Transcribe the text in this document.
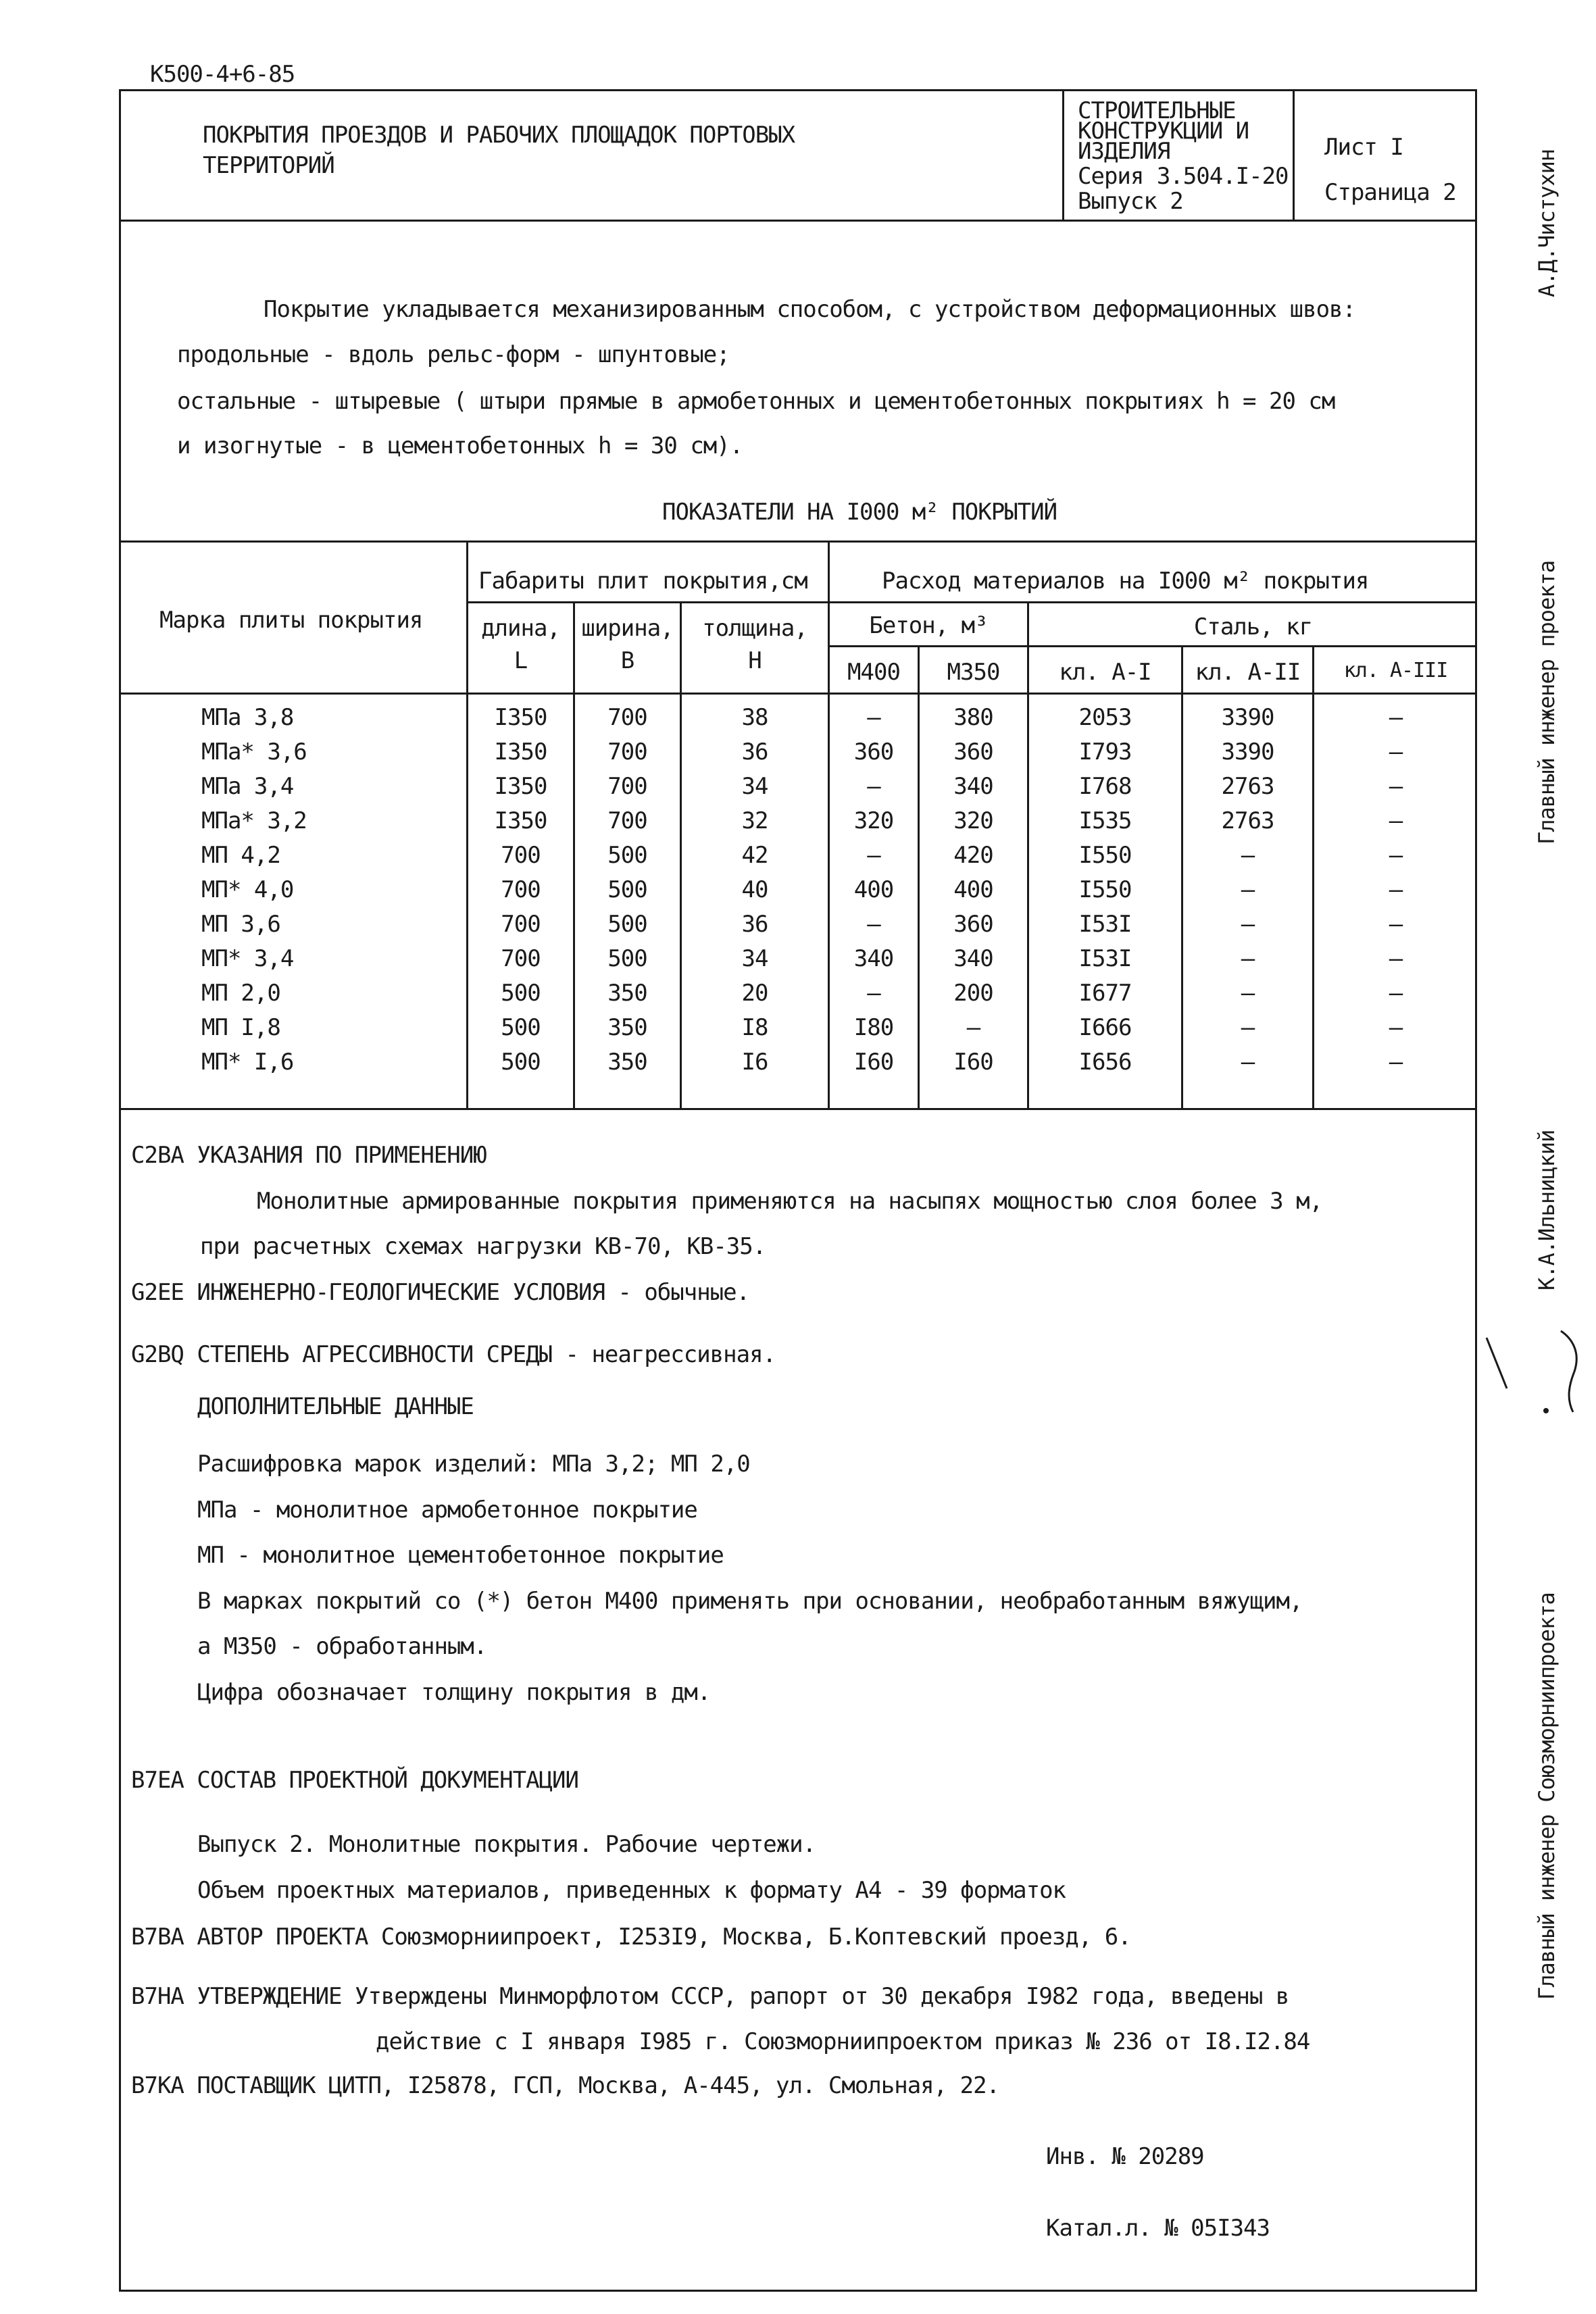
К500-4+6-85
ПОКРЫТИЯ ПРОЕЗДОВ И РАБОЧИХ ПЛОЩАДОК ПОРТОВЫХ
ТЕРРИТОРИЙ
СТРОИТЕЛЬНЫЕ
КОНСТРУКЦИИ И
ИЗДЕЛИЯ
Серия 3.504.I-20
Выпуск 2
Лист I
Страница 2
Покрытие укладывается механизированным способом, с устройством деформационных швов:
продольные - вдоль рельс-форм - шпунтовые;
остальные - штыревые ( штыри прямые в армобетонных и цементобетонных покрытиях h = 20 см
и изогнутые - в цементобетонных h = 30 см).
ПОКАЗАТЕЛИ НА I000 м² ПОКРЫТИЙ
Марка плиты покрытия
Габариты плит покрытия,см	Расход материалов на I000 м² покрытия
длина,
L
ширина,
B
толщина,
H
Бетон, м³	Сталь, кг
M400	M350	кл. A-I	кл. A-II	кл. A-III
МПа 3,8	I350	700	38	–	380	2053	3390	–
МПа* 3,6	I350	700	36	360	360	I793	3390	–
МПа 3,4	I350	700	34	–	340	I768	2763	–
МПа* 3,2	I350	700	32	320	320	I535	2763	–
МП 4,2	700	500	42	–	420	I550	–	–
МП* 4,0	700	500	40	400	400	I550	–	–
МП 3,6	700	500	36	–	360	I53I	–	–
МП* 3,4	700	500	34	340	340	I53I	–	–
МП 2,0	500	350	20	–	200	I677	–	–
МП I,8	500	350	I8	I80	–	I666	–	–
МП* I,6	500	350	I6	I60	I60	I656	–	–
С2ВА УКАЗАНИЯ ПО ПРИМЕНЕНИЮ
Монолитные армированные покрытия применяются на насыпях мощностью слоя более 3 м,
при расчетных схемах нагрузки КВ-70, КВ-35.
G2EE ИНЖЕНЕРНО-ГЕОЛОГИЧЕСКИЕ УСЛОВИЯ - обычные.
G2BQ СТЕПЕНЬ АГРЕССИВНОСТИ СРЕДЫ - неагрессивная.
ДОПОЛНИТЕЛЬНЫЕ ДАННЫЕ
Расшифровка марок изделий: МПа 3,2; МП 2,0
МПа - монолитное армобетонное покрытие
МП - монолитное цементобетонное покрытие
В марках покрытий со (*) бетон М400 применять при основании, необработанным вяжущим,
а М350 - обработанным.
Цифра обозначает толщину покрытия в дм.
В7ЕА СОСТАВ ПРОЕКТНОЙ ДОКУМЕНТАЦИИ
Выпуск 2. Монолитные покрытия. Рабочие чертежи.
Объем проектных материалов, приведенных к формату А4 - 39 форматок
В7ВА АВТОР ПРОЕКТА Союзморниипроект, I253I9, Москва, Б.Коптевский проезд, 6.
В7НА УТВЕРЖДЕНИЕ Утверждены Минморфлотом СССР, рапорт от 30 декабря I982 года, введены в
действие с I января I985 г. Союзморниипроектом приказ № 236 от I8.I2.84
В7КА ПОСТАВЩИК ЦИТП, I25878, ГСП, Москва, А-445, ул. Смольная, 22.
Инв. № 20289
Катал.л. № 05I343
А.Д.Чистухин
Главный инженер проекта
К.А.Ильницкий
Главный инженер Союзморниипроекта
